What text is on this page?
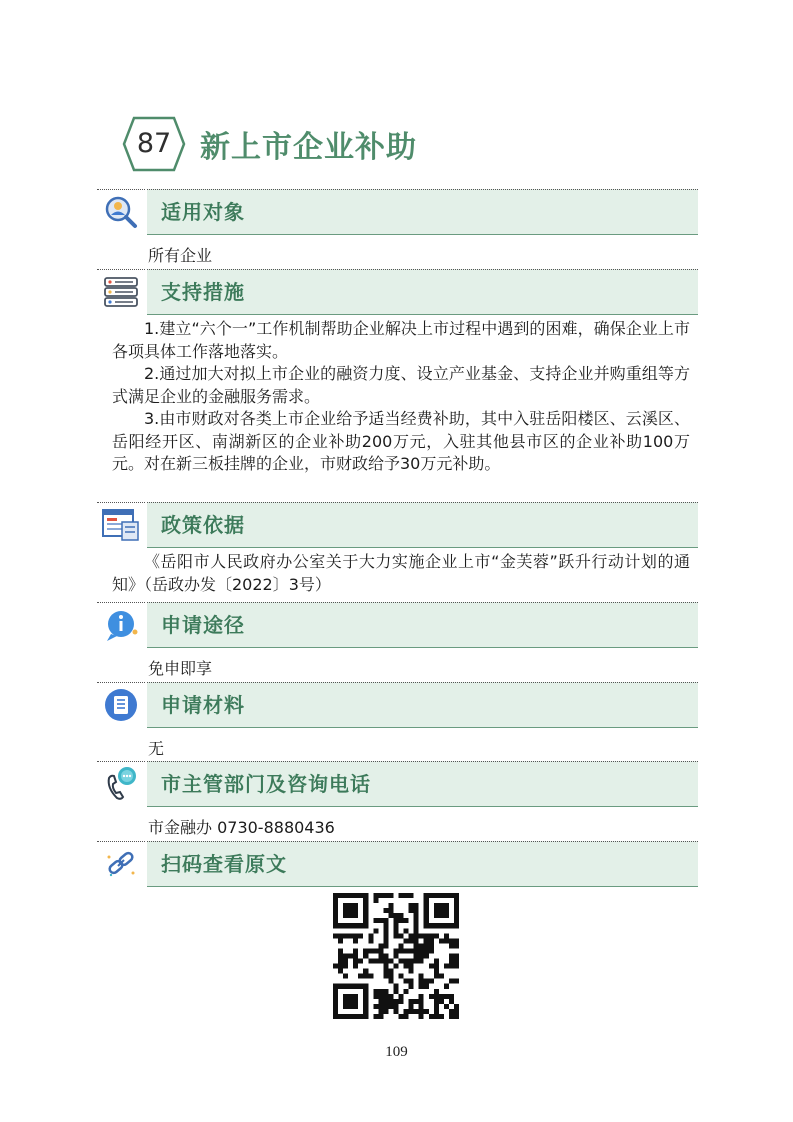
87 新上市企业补助
适用对象
所有企业
支持措施

1.建立“六个一”工作机制帮助企业解决上市过程中遇到的困难，确保企业上市各项具体工作落地落实。

2.通过加大对拟上市企业的融资力度、设立产业基金、支持企业并购重组等方式满足企业的金融服务需求。

3.由市财政对各类上市企业给予适当经费补助，其中入驻岳阳楼区、云溪区、岳阳经开区、南湖新区的企业补助200万元，入驻其他县市区的企业补助100万元。对在新三板挂牌的企业，市财政给予30万元补助。

政策依据

《岳阳市人民政府办公室关于大力实施企业上市“金芙蓉”跃升行动计划的通知》（岳政办发〔2022〕3号）

申请途径
免申即享
申请材料
无
市主管部门及咨询电话
市金融办 0730-8880436
扫码查看原文
109
